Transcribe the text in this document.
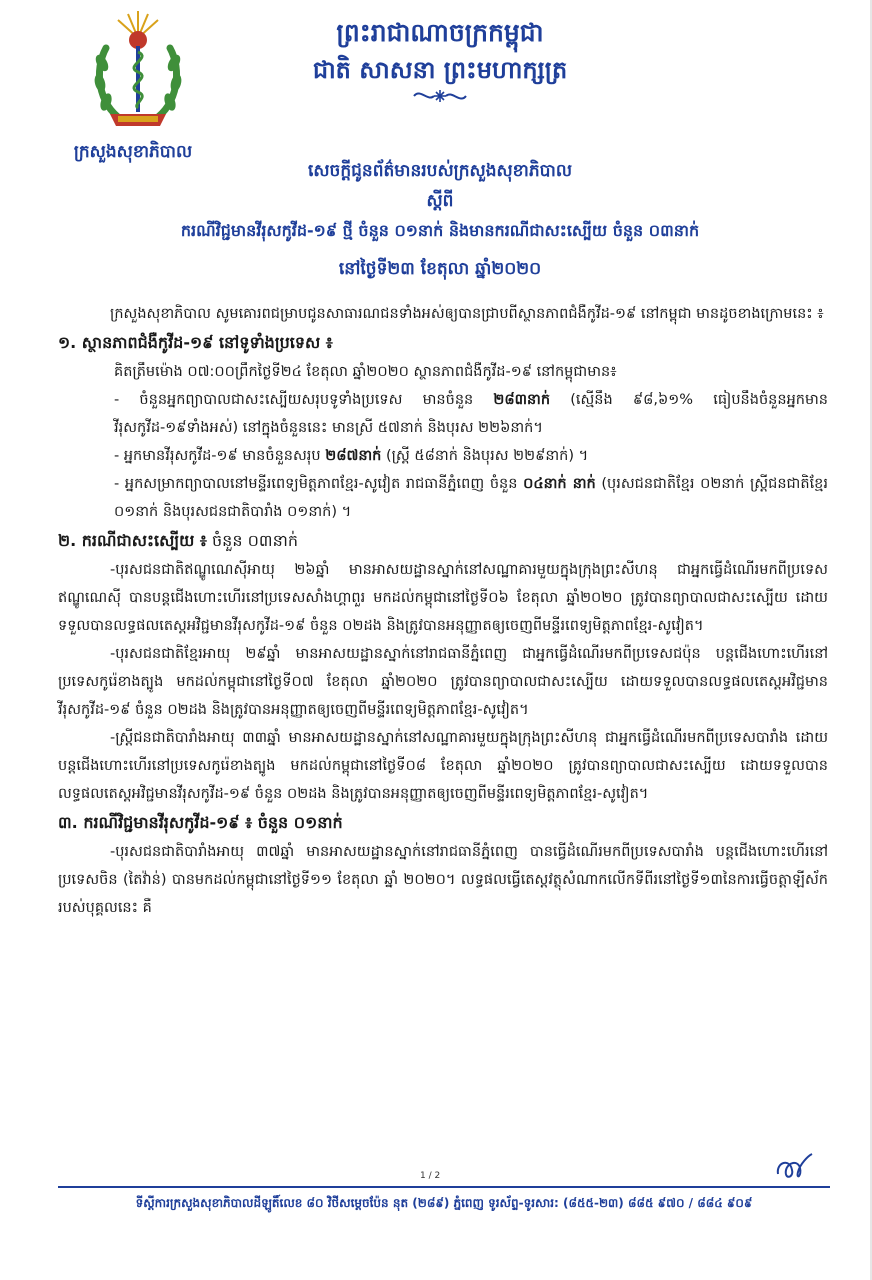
ក្រសួងសុខាភិបាល
ព្រះរាជាណាចក្រកម្ពុជា
ជាតិ សាសនា ព្រះមហាក្សត្រ
សេចក្តីជូនព័ត៌មានរបស់ក្រសួងសុខាភិបាល
ស្តីពី
ករណីវិជ្ជមានវីរុសកូវីដ-១៩ ថ្មី ចំនួន ០១នាក់ និងមានករណីជាសះស្បើយ ចំនួន ០៣នាក់
នៅថ្ងៃទី២៣ ខែតុលា ឆ្នាំ២០២០

ក្រសួងសុខាភិបាល សូមគោរពជម្រាបជូនសាធារណជនទាំងអស់ឲ្យបានជ្រាបពីស្ថានភាពជំងឺកូវីដ-១៩ នៅកម្ពុជា មានដូចខាងក្រោមនេះ ៖

១. ស្ថានភាពជំងឺកូវីដ-១៩ នៅទូទាំងប្រទេស ៖

គិតត្រឹមម៉ោង ០៧:០០ព្រឹកថ្ងៃទី២៤ ខែតុលា ឆ្នាំ២០២០ ស្ថានភាពជំងឺកូវីដ-១៩ នៅកម្ពុជាមាន៖

- ចំនួនអ្នកព្យាបាលជាសះស្បើយសរុបទូទាំងប្រទេស មានចំនួន ២៨៣នាក់ (ស្មើនឹង ៩៨,៦១% ធៀបនឹងចំនួនអ្នកមានវីរុសកូវីដ-១៩ទាំងអស់) នៅក្នុងចំនួននេះ មានស្រី ៥៧នាក់ និងបុរស ២២៦នាក់។

- អ្នកមានវីរុសកូវីដ-១៩ មានចំនួនសរុប ២៨៧នាក់ (ស្ត្រី ៥៨នាក់ និងបុរស ២២៩នាក់) ។

- អ្នកសម្រាកព្យាបាលនៅមន្ទីរពេទ្យមិត្តភាពខ្មែរ-សូវៀត រាជធានីភ្នំពេញ ចំនួន ០៤នាក់ នាក់ (បុរសជនជាតិខ្មែរ ០២នាក់ ស្ត្រីជនជាតិខ្មែរ ០១នាក់ និងបុរសជនជាតិបារាំង ០១នាក់) ។

២. ករណីជាសះស្បើយ ៖ ចំនួន ០៣នាក់

-បុរសជនជាតិឥណ្ឌូណេស៊ីអាយុ ២៦ឆ្នាំ មានអាសយដ្ឋានស្នាក់នៅសណ្ឋាគារមួយក្នុងក្រុងព្រះសីហនុ ជាអ្នកធ្វើដំណើរមកពីប្រទេសឥណ្ឌូណេស៊ី បានបន្តជើងហោះហើរនៅប្រទេសសាំងហ្គាពួរ មកដល់កម្ពុជានៅថ្ងៃទី០៦ ខែតុលា ឆ្នាំ២០២០ ត្រូវបានព្យាបាលជាសះស្បើយ ដោយទទួលបានលទ្ធផលតេស្តអវិជ្ជមានវីរុសកូវីដ-១៩ ចំនួន ០២ដង និងត្រូវបានអនុញ្ញាតឲ្យចេញពីមន្ទីរពេទ្យមិត្តភាពខ្មែរ-សូវៀត។

-បុរសជនជាតិខ្មែរអាយុ ២៩ឆ្នាំ មានអាសយដ្ឋានស្នាក់នៅរាជធានីភ្នំពេញ ជាអ្នកធ្វើដំណើរមកពីប្រទេសជប៉ុន បន្តជើងហោះហើរនៅប្រទេសកូរ៉េខាងត្បូង មកដល់កម្ពុជានៅថ្ងៃទី០៧ ខែតុលា ឆ្នាំ២០២០ ត្រូវបានព្យាបាលជាសះស្បើយ ដោយទទួលបានលទ្ធផលតេស្តអវិជ្ជមានវីរុសកូវីដ-១៩ ចំនួន ០២ដង និងត្រូវបានអនុញ្ញាតឲ្យចេញពីមន្ទីរពេទ្យមិត្តភាពខ្មែរ-សូវៀត។

-ស្ត្រីជនជាតិបារាំងអាយុ ៣៣ឆ្នាំ មានអាសយដ្ឋានស្នាក់នៅសណ្ឋាគារមួយក្នុងក្រុងព្រះសីហនុ ជាអ្នកធ្វើដំណើរមកពីប្រទេសបារាំង ដោយបន្តជើងហោះហើរនៅប្រទេសកូរ៉េខាងត្បូង មកដល់កម្ពុជានៅថ្ងៃទី០៨ ខែតុលា ឆ្នាំ២០២០ ត្រូវបានព្យាបាលជាសះស្បើយ ដោយទទួលបានលទ្ធផលតេស្តអវិជ្ជមានវីរុសកូវីដ-១៩ ចំនួន ០២ដង និងត្រូវបានអនុញ្ញាតឲ្យចេញពីមន្ទីរពេទ្យមិត្តភាពខ្មែរ-សូវៀត។

៣. ករណីវិជ្ជមានវីរុសកូវីដ-១៩ ៖ ចំនួន ០១នាក់

-បុរសជនជាតិបារាំងអាយុ ៣៧ឆ្នាំ មានអាសយដ្ឋានស្នាក់នៅរាជធានីភ្នំពេញ បានធ្វើដំណើរមកពីប្រទេសបារាំង បន្តជើងហោះហើរនៅប្រទេសចិន (តៃវ៉ាន់) បានមកដល់កម្ពុជានៅថ្ងៃទី១១ ខែតុលា ឆ្នាំ ២០២០។ លទ្ធផលធ្វើតេស្តវត្ថុសំណាកលើកទីពីរនៅថ្ងៃទី១៣នៃការធ្វើចត្តាឡីស័ករបស់បុគ្គលនេះ គឺ

1 / 2
ទីស្តីការក្រសួងសុខាភិបាលដីឡូតិ៍លេខ ៨០ វិថីសម្តេចប៉ែន នុត (២៨៩) ភ្នំពេញ ទូរស័ព្ទ-ទូរសារ: (៨៥៥-២៣) ៨៨៥ ៩៧០ / ៨៨៤ ៩០៩
